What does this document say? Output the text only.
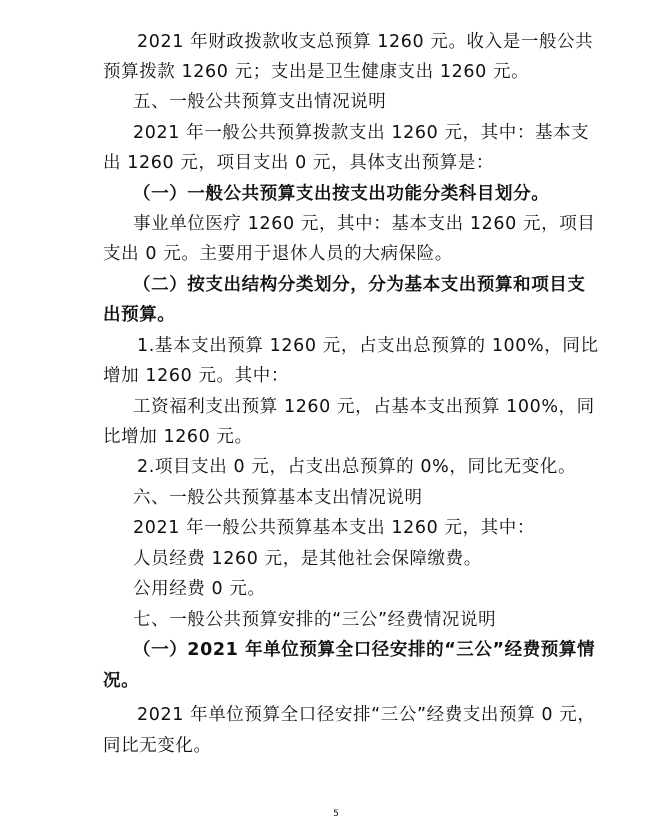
2021 年财政拨款收支总预算 1260 元。收入是一般公共
预算拨款 1260 元；支出是卫生健康支出 1260 元。
五、一般公共预算支出情况说明
2021 年一般公共预算拨款支出 1260 元，其中：基本支
出 1260 元，项目支出 0 元，具体支出预算是：
（一）一般公共预算支出按支出功能分类科目划分。
事业单位医疗 1260 元，其中：基本支出 1260 元，项目
支出 0 元。主要用于退休人员的大病保险。
（二）按支出结构分类划分，分为基本支出预算和项目支
出预算。
1.基本支出预算 1260 元，占支出总预算的 100%，同比
增加 1260 元。其中：
工资福利支出预算 1260 元，占基本支出预算 100%，同
比增加 1260 元。
2.项目支出 0 元，占支出总预算的 0%，同比无变化。
六、一般公共预算基本支出情况说明
2021 年一般公共预算基本支出 1260 元，其中：
人员经费 1260 元，是其他社会保障缴费。
公用经费 0 元。
七、一般公共预算安排的“三公”经费情况说明
（一）2021 年单位预算全口径安排的“三公”经费预算情
况。
2021 年单位预算全口径安排“三公”经费支出预算 0 元，
同比无变化。
5
